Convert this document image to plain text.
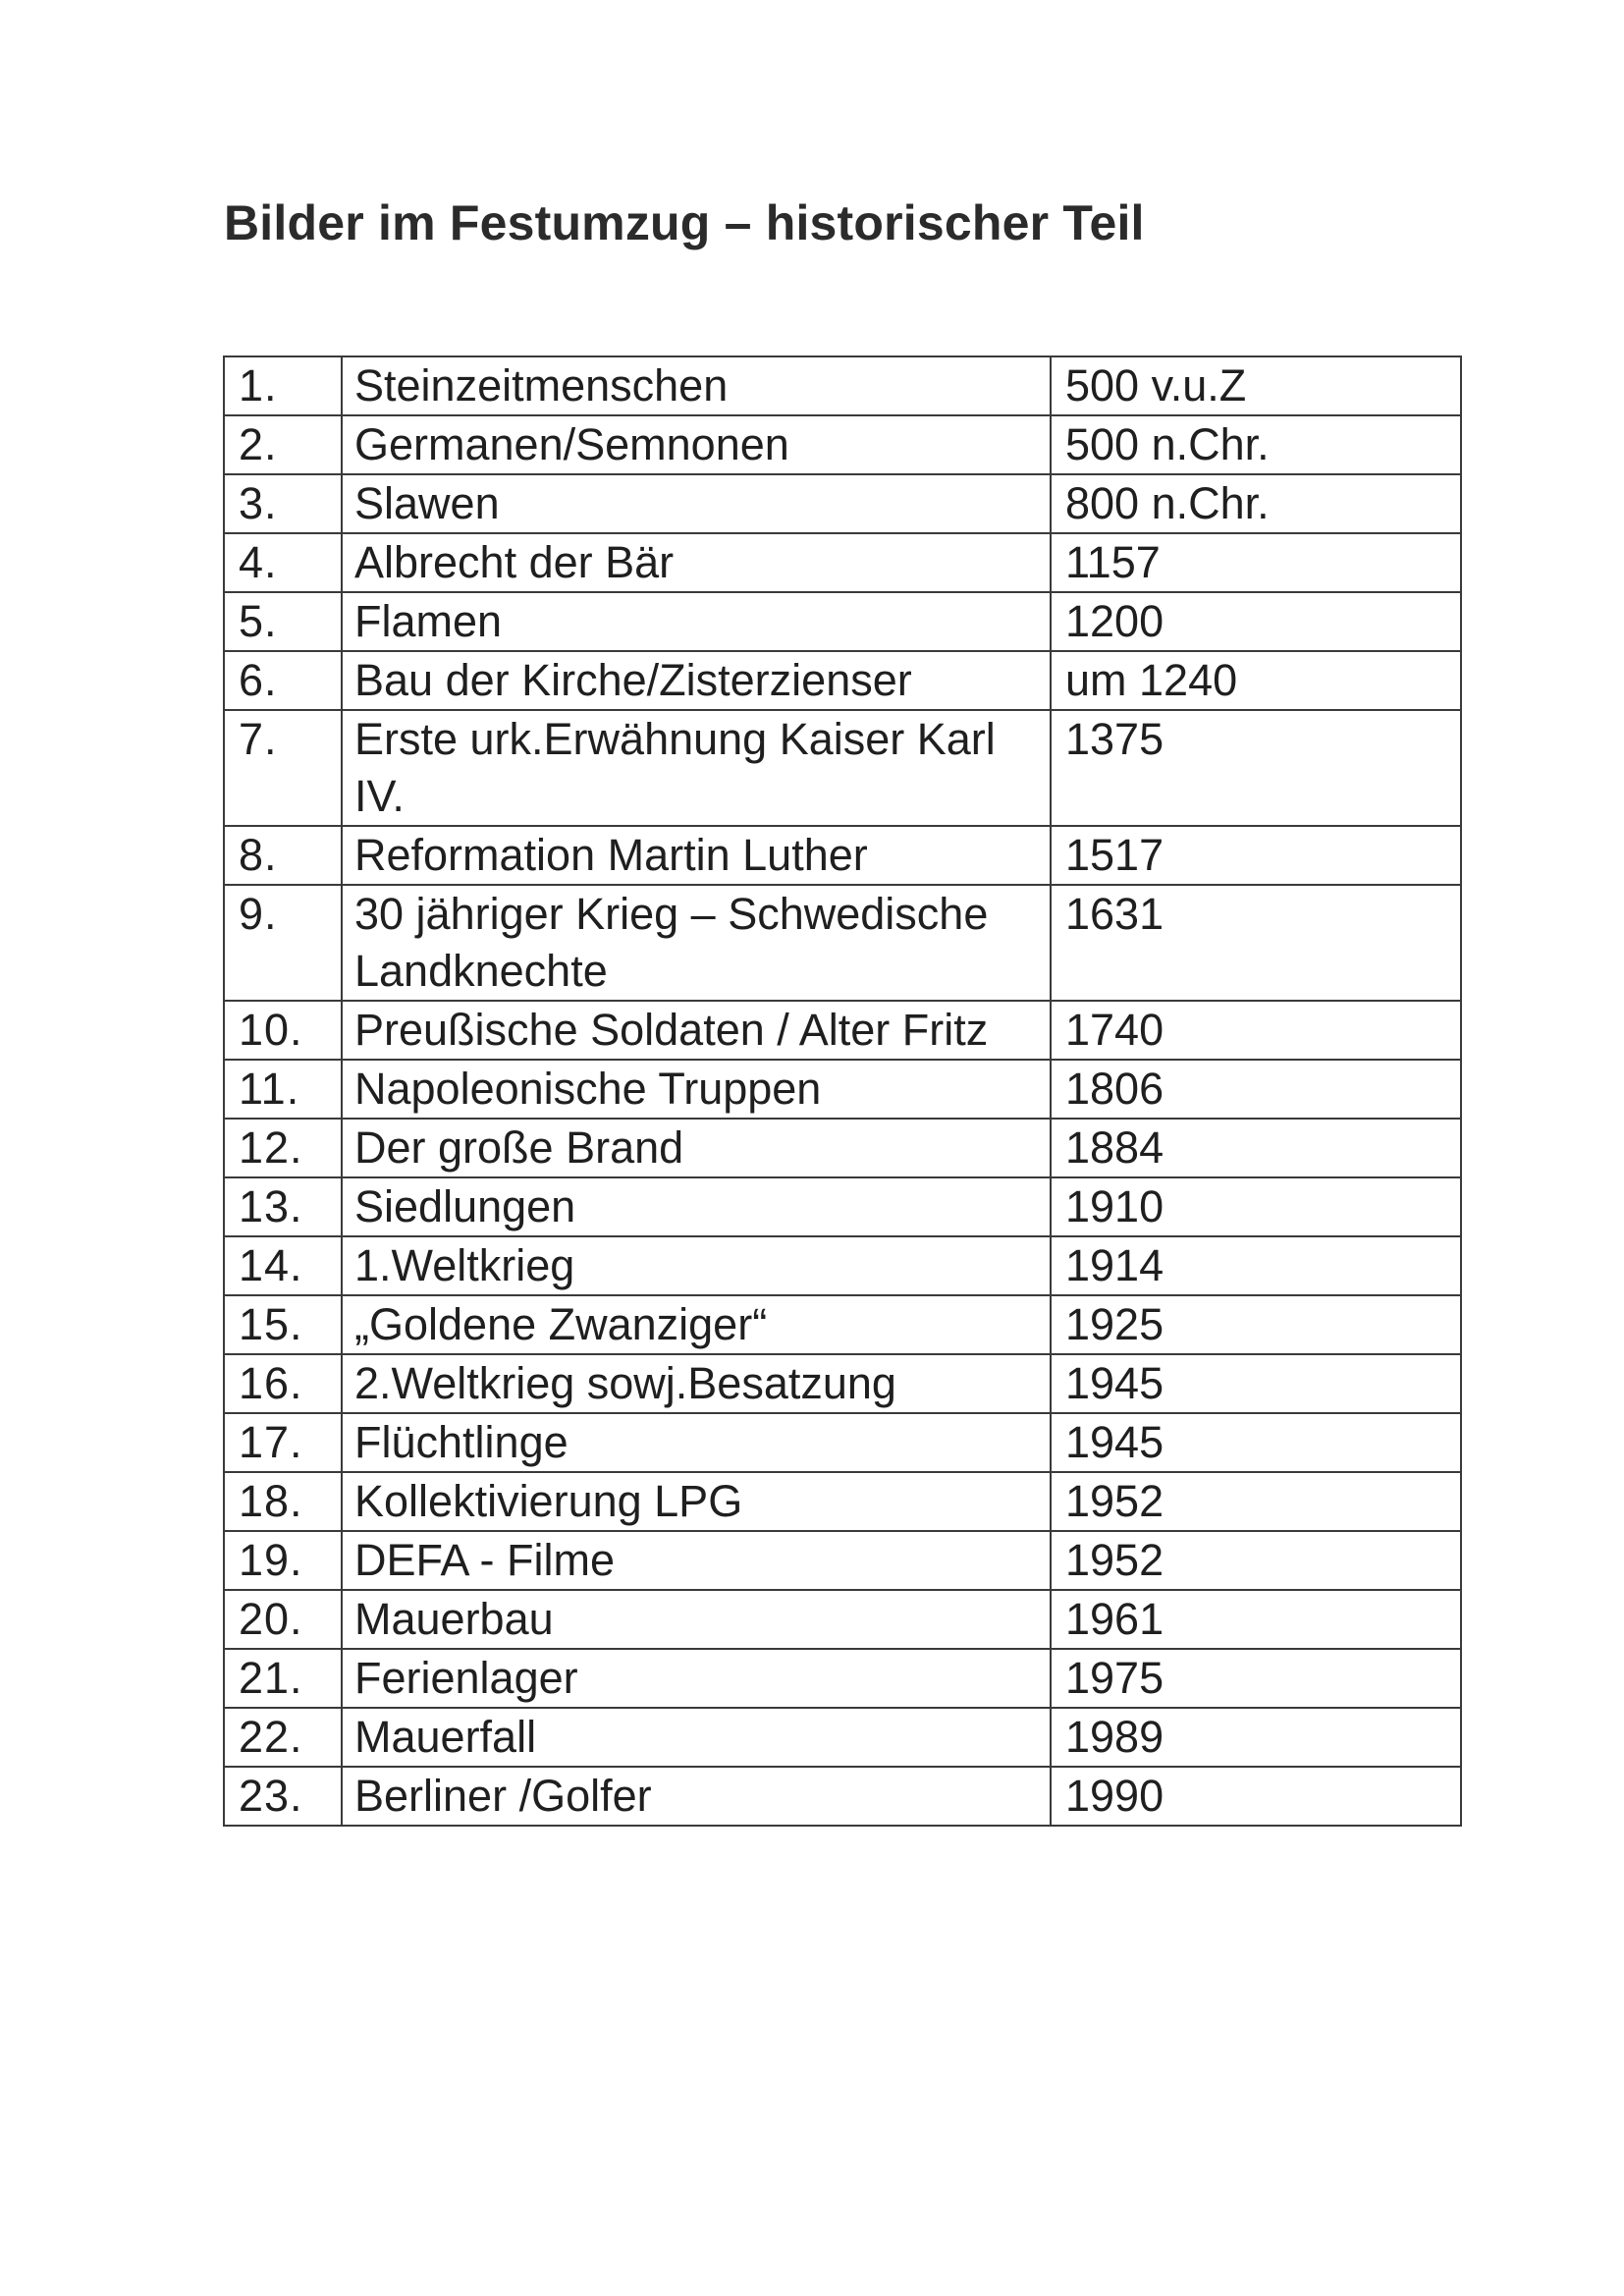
Bilder im Festumzug – historischer Teil
1.	Steinzeitmenschen	500 v.u.Z
2.	Germanen/Semnonen	500 n.Chr.
3.	Slawen	800 n.Chr.
4.	Albrecht der Bär	1157
5.	Flamen	1200
6.	Bau der Kirche/Zisterzienser	um 1240
7.	Erste urk.Erwähnung Kaiser Karl IV.	1375
8.	Reformation Martin Luther	1517
9.	30 jähriger Krieg – Schwedische Landknechte	1631
10.	Preußische Soldaten / Alter Fritz	1740
11.	Napoleonische Truppen	1806
12.	Der große Brand	1884
13.	Siedlungen	1910
14.	1.Weltkrieg	1914
15.	„Goldene Zwanziger“	1925
16.	2.Weltkrieg sowj.Besatzung	1945
17.	Flüchtlinge	1945
18.	Kollektivierung LPG	1952
19.	DEFA - Filme	1952
20.	Mauerbau	1961
21.	Ferienlager	1975
22.	Mauerfall	1989
23.	Berliner /Golfer	1990
